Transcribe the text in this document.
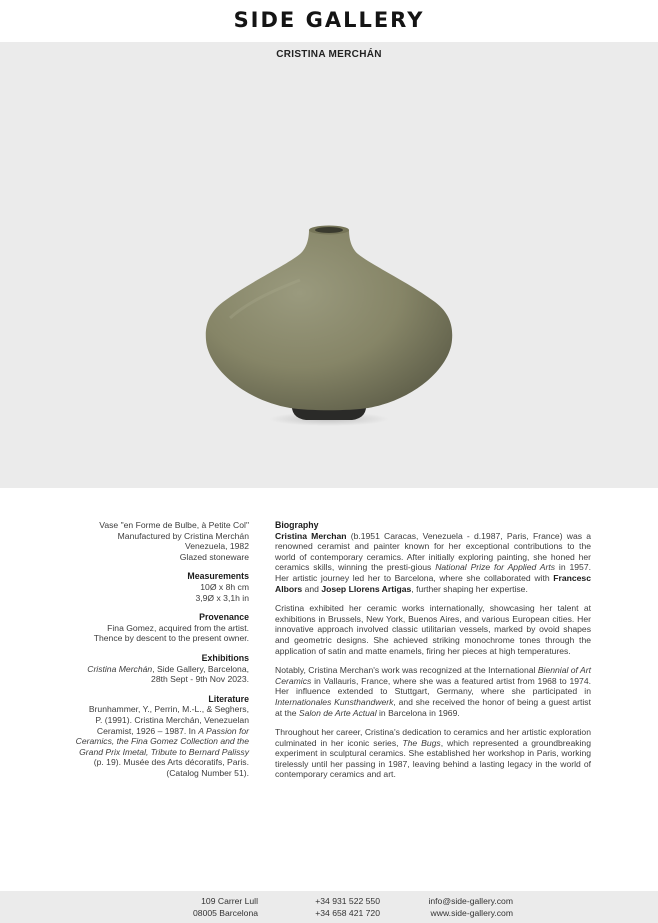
SIDE GALLERY
CRISTINA MERCHÁN
Vase "en Forme de Bulbe, à Petite Col"
Manufactured by Cristina Merchán
Venezuela, 1982
Glazed stoneware
Measurements
10Ø x 8h cm
3,9Ø x 3,1h in
Provenance
Fina Gomez, acquired from the artist.
Thence by descent to the present owner.
Exhibitions
Cristina Merchán, Side Gallery, Barcelona,
28th Sept - 9th Nov 2023.
Literature
Brunhammer, Y., Perrin, M.-L., & Seghers,
P. (1991). Cristina Merchán, Venezuelan
Ceramist, 1926 – 1987. In A Passion for
Ceramics, the Fina Gomez Collection and the
Grand Prix Imetal, Tribute to Bernard Palissy
(p. 19). Musée des Arts décoratifs, Paris.
(Catalog Number 51).
Biography

Cristina Merchan (b.1951 Caracas, Venezuela - d.1987, Paris, France) was a renowned ceramist and painter known for her exceptional contributions to the world of contemporary ceramics. After initially exploring painting, she honed her ceramics skills, winning the presti-gious National Prize for Applied Arts in 1957. Her artistic journey led her to Barcelona, where she collaborated with Francesc Albors and Josep Llorens Artigas, further shaping her expertise.

Cristina exhibited her ceramic works internationally, showcasing her talent at exhibitions in Brussels, New York, Buenos Aires, and various European cities. Her innovative approach involved classic utilitarian vessels, marked by ovoid shapes and geometric designs. She achieved striking monochrome tones through the application of satin and matte enamels, firing her pieces at high temperatures.

Notably, Cristina Merchan's work was recognized at the International Biennial of Art Ceramics in Vallauris, France, where she was a featured artist from 1968 to 1974. Her influence extended to Stuttgart, Germany, where she participated in Internationales Kunsthandwerk, and she received the honor of being a guest artist at the Salon de Arte Actual in Barcelona in 1969.

Throughout her career, Cristina's dedication to ceramics and her artistic exploration culminated in her iconic series, The Bugs, which represented a groundbreaking experiment in sculptural ceramics. She established her workshop in Paris, working tirelessly until her passing in 1987, leaving behind a lasting legacy in the world of contemporary ceramics and art.

109 Carrer Lull
08005 Barcelona
+34 931 522 550
+34 658 421 720
info@side-gallery.com
www.side-gallery.com
